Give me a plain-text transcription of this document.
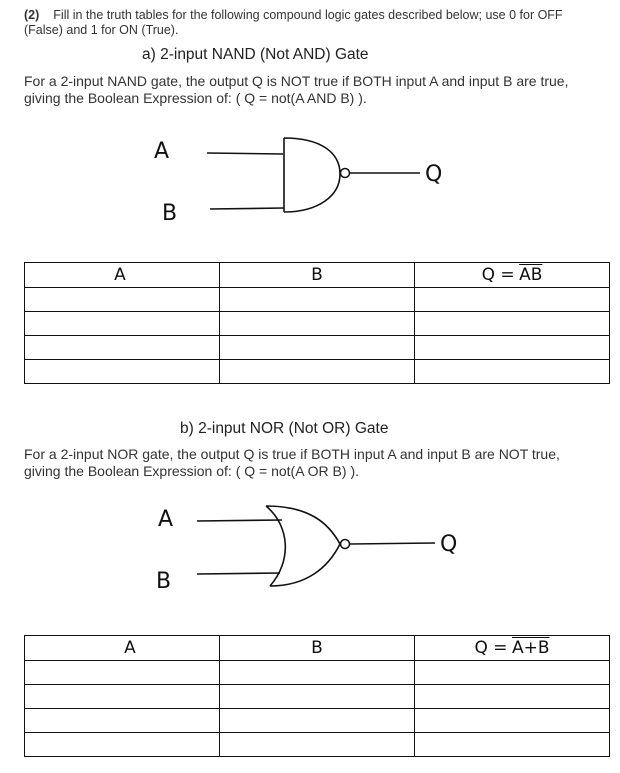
(2) Fill in the truth tables for the following compound logic gates described below; use 0 for OFF
(False) and 1 for ON (True).
a) 2-input NAND (Not AND) Gate
For a 2-input NAND gate, the output Q is NOT true if BOTH input A and input B are true,
giving the Boolean Expression of: ( Q = not(A AND B) ).
A
B
Q
A	B	$Q = \overline{AB}$

b) 2-input NOR (Not OR) Gate
For a 2-input NOR gate, the output Q is true if BOTH input A and input B are NOT true,
giving the Boolean Expression of: ( Q = not(A OR B) ).
A
B
Q
A	B	Q = A+B
